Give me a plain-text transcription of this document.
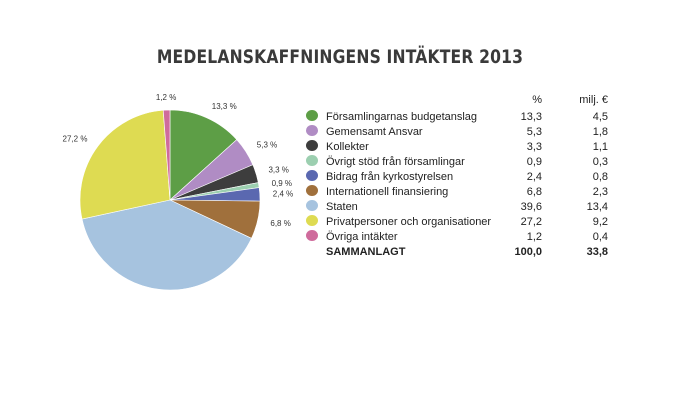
MEDELANSKAFFNINGENS INTÄKTER 2013
13,3 %
5,3 %
3,3 %
0,9 %
2,4 %
6,8 %
27,2 %
1,2 %	%	milj. €
Församlingarnas budgetanslag	13,3	4,5
Gemensamt Ansvar	5,3	1,8
Kollekter	3,3	1,1
Övrigt stöd från församlingar	0,9	0,3
Bidrag från kyrkostyrelsen	2,4	0,8
Internationell finansiering	6,8	2,3
Staten	39,6	13,4
Privatpersoner och organisationer	27,2	9,2
Övriga intäkter	1,2	0,4
SAMMANLAGT	100,0	33,8
